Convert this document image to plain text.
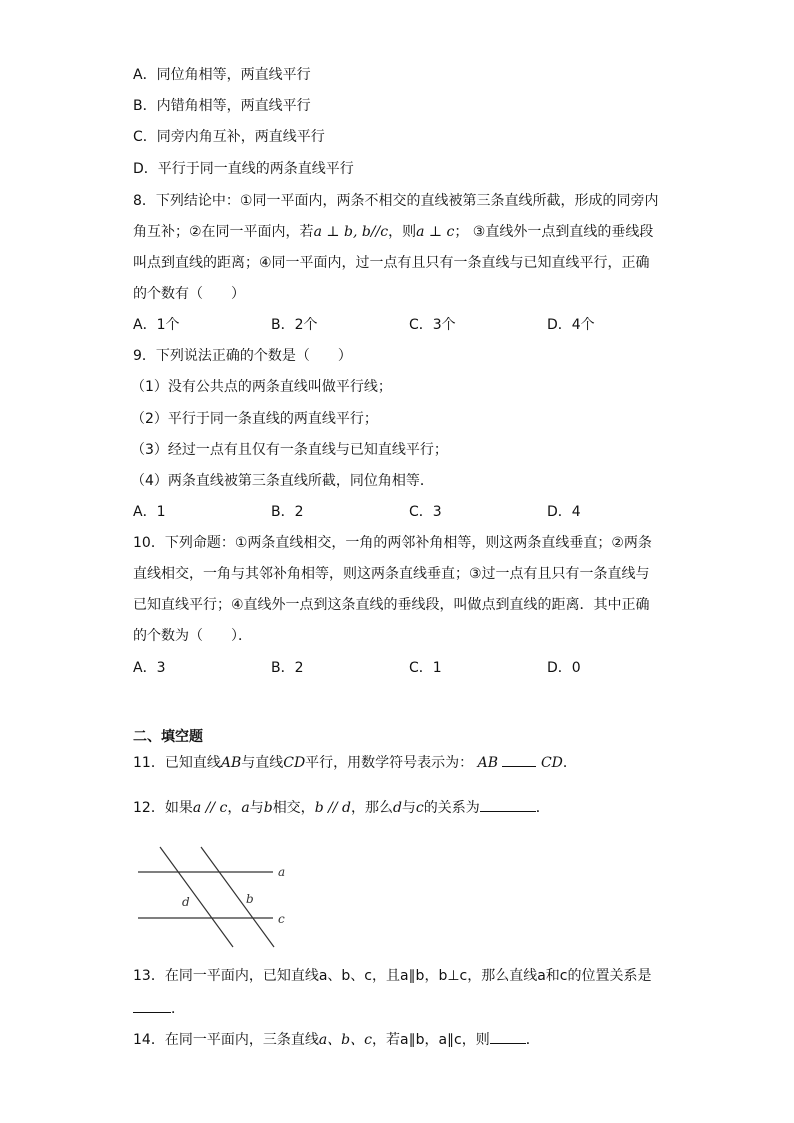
A．同位角相等，两直线平行
B．内错角相等，两直线平行
C．同旁内角互补，两直线平行
D．平行于同一直线的两条直线平行
8．下列结论中：①同一平面内，两条不相交的直线被第三条直线所截，形成的同旁内
角互补；②在同一平面内，若a ⊥ b, b//c，则a ⊥ c； ③直线外一点到直线的垂线段
叫点到直线的距离；④同一平面内，过一点有且只有一条直线与已知直线平行，正确
的个数有（　　）
A．1个	B．2个	C．3个	D．4个
9．下列说法正确的个数是（　　）
（1）没有公共点的两条直线叫做平行线；
（2）平行于同一条直线的两直线平行；
（3）经过一点有且仅有一条直线与已知直线平行；
（4）两条直线被第三条直线所截，同位角相等．
A．1	B．2	C．3	D．4
10．下列命题：①两条直线相交，一角的两邻补角相等，则这两条直线垂直；②两条
直线相交，一角与其邻补角相等，则这两条直线垂直；③过一点有且只有一条直线与
已知直线平行；④直线外一点到这条直线的垂线段，叫做点到直线的距离．其中正确
的个数为（　　）．
A．3	B．2	C．1	D．0
二、填空题
11．已知直线AB与直线CD平行，用数学符号表示为： AB	CD．
12．如果a // c，a与b相交，b // d，那么d与c的关系为	．
a
c
d	b
13．在同一平面内，已知直线a、b、c，且a∥b，b⊥c，那么直线a和c的位置关系是
．
14．在同一平面内，三条直线a、b、c，若a∥b，a∥c，则	．
